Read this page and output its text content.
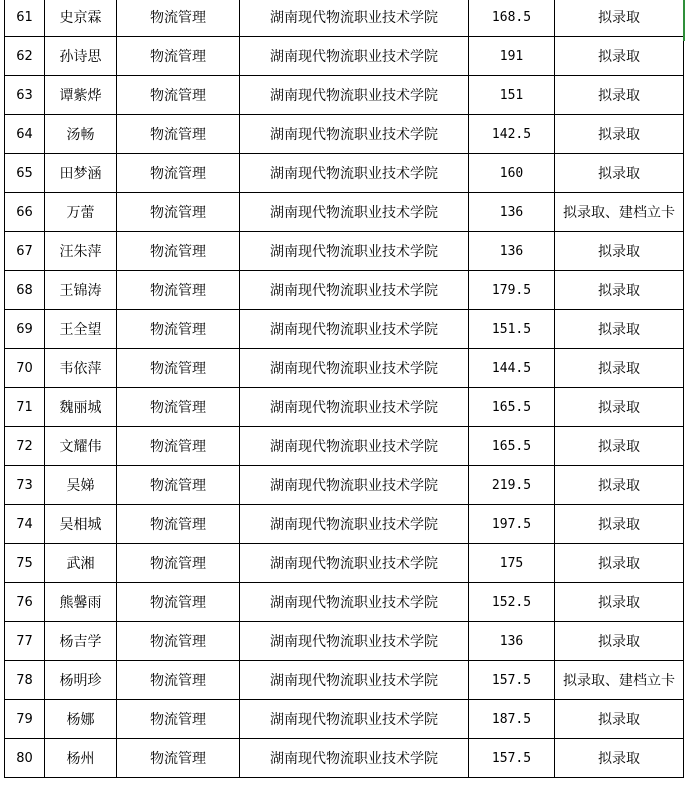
61	史京霖	物流管理	湖南现代物流职业技术学院	168.5	拟录取
62	孙诗思	物流管理	湖南现代物流职业技术学院	191	拟录取
63	谭紫烨	物流管理	湖南现代物流职业技术学院	151	拟录取
64	汤畅	物流管理	湖南现代物流职业技术学院	142.5	拟录取
65	田梦涵	物流管理	湖南现代物流职业技术学院	160	拟录取
66	万蕾	物流管理	湖南现代物流职业技术学院	136	拟录取、建档立卡
67	汪朱萍	物流管理	湖南现代物流职业技术学院	136	拟录取
68	王锦涛	物流管理	湖南现代物流职业技术学院	179.5	拟录取
69	王全望	物流管理	湖南现代物流职业技术学院	151.5	拟录取
70	韦依萍	物流管理	湖南现代物流职业技术学院	144.5	拟录取
71	魏丽城	物流管理	湖南现代物流职业技术学院	165.5	拟录取
72	文耀伟	物流管理	湖南现代物流职业技术学院	165.5	拟录取
73	吴娣	物流管理	湖南现代物流职业技术学院	219.5	拟录取
74	吴相城	物流管理	湖南现代物流职业技术学院	197.5	拟录取
75	武湘	物流管理	湖南现代物流职业技术学院	175	拟录取
76	熊馨雨	物流管理	湖南现代物流职业技术学院	152.5	拟录取
77	杨吉学	物流管理	湖南现代物流职业技术学院	136	拟录取
78	杨明珍	物流管理	湖南现代物流职业技术学院	157.5	拟录取、建档立卡
79	杨娜	物流管理	湖南现代物流职业技术学院	187.5	拟录取
80	杨州	物流管理	湖南现代物流职业技术学院	157.5	拟录取
